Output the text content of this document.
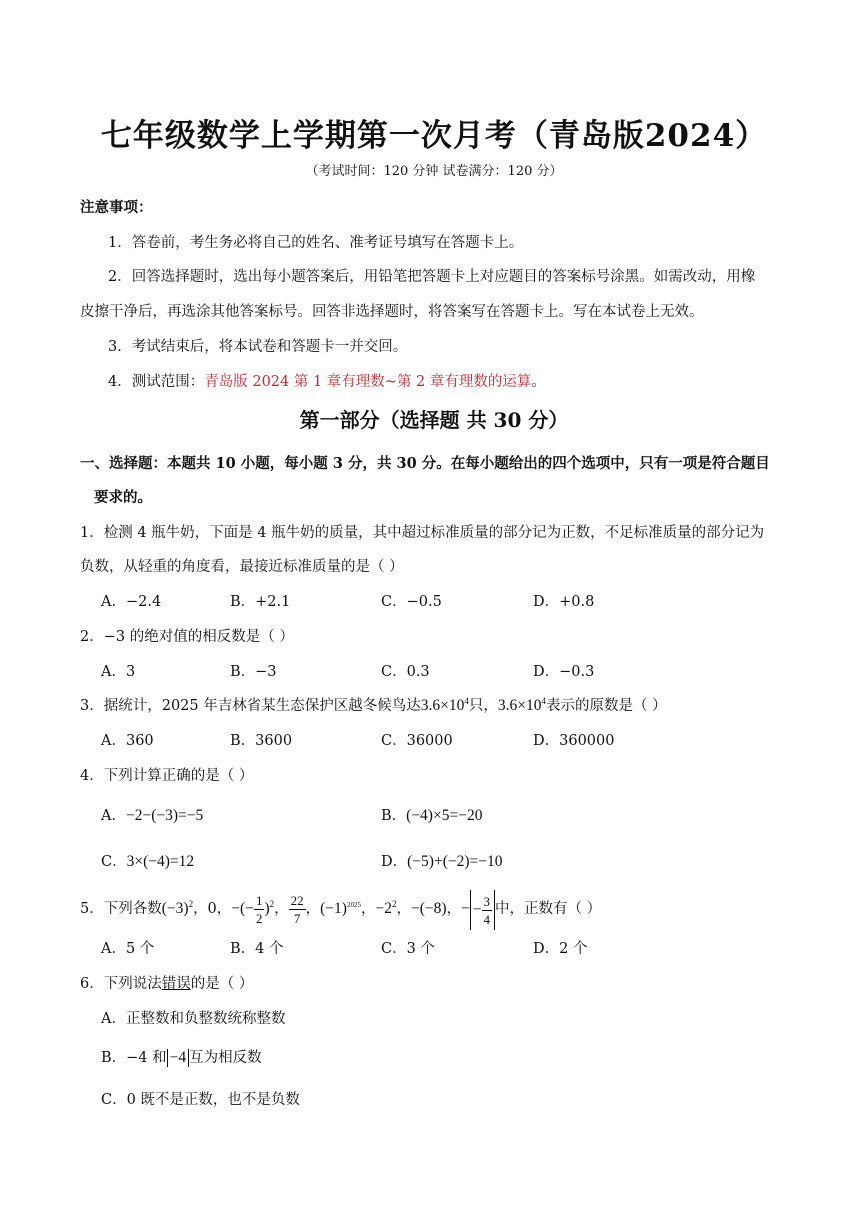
七年级数学上学期第一次月考（青岛版2024）
（考试时间：120 分钟 试卷满分：120 分）
注意事项：
1．答卷前，考生务必将自己的姓名、准考证号填写在答题卡上。
2．回答选择题时，选出每小题答案后，用铅笔把答题卡上对应题目的答案标号涂黑。如需改动，用橡
皮擦干净后，再选涂其他答案标号。回答非选择题时，将答案写在答题卡上。写在本试卷上无效。
3．考试结束后，将本试卷和答题卡一并交回。
4．测试范围：青岛版 2024 第 1 章有理数~第 2 章有理数的运算。
第一部分（选择题 共 30 分）
一、选择题：本题共 10 小题，每小题 3 分，共 30 分。在每小题给出的四个选项中，只有一项是符合题目
要求的。
1．检测 4 瓶牛奶，下面是 4 瓶牛奶的质量，其中超过标准质量的部分记为正数，不足标准质量的部分记为
负数，从轻重的角度看，最接近标准质量的是（ ）
A．−2.4	B．+2.1	C．−0.5	D．+0.8
2．−3 的绝对值的相反数是（ ）
A．3	B．−3	C．0.3	D．−0.3
3．据统计，2025 年吉林省某生态保护区越冬候鸟达$3.6\times 10^4$只，$3.6\times 10^4$表示的原数是（ ）
A．360	B．3600	C．36000	D．360000
4．下列计算正确的是（ ）
A．−2−(−3)=−5	B．(−4)×5=−20
C．3×(−4)=12	D．(−5)+(−2)=−10
5．下列各数$(-3)^2$，0，−(− $\frac{1}{2} )^2$， $\frac{22}{7}$ ，$(-1)^{2025}$，$-2^2$，−(−8)，− − $\frac{3}{4}$ 中，正数有（ ）
A．5 个	B．4 个	C．3 个	D．2 个
6．下列说法错误的是（ ）
A．正整数和负整数统称整数
B．−4 和 −4 互为相反数
C．0 既不是正数，也不是负数
